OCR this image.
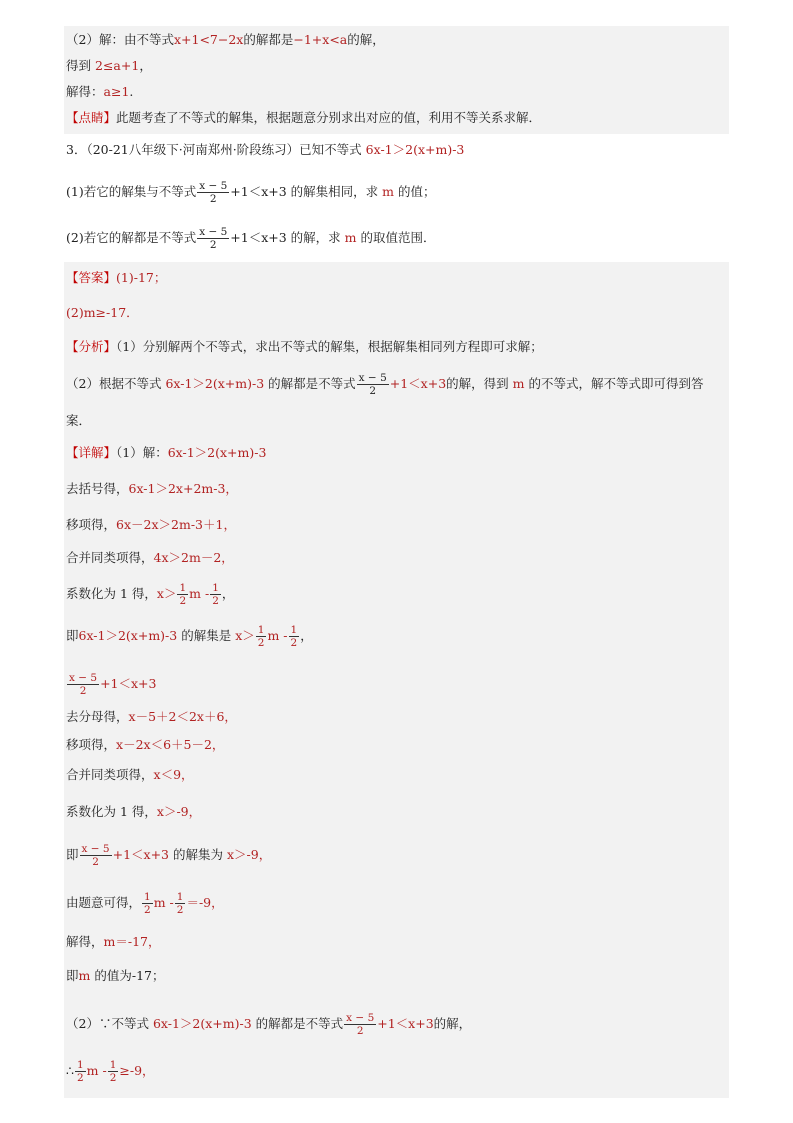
（2）解：由不等式x+1<7−2x的解都是−1+x<a的解，
得到 2≤a+1，
解得：a≥1.
【点睛】此题考查了不等式的解集，根据题意分别求出对应的值，利用不等关系求解．
3．（20-21八年级下·河南郑州·阶段练习）已知不等式 6x-1＞2(x+m)-3
(1)若它的解集与不等式 $\frac{x - 5}{2} +1<x+3$ 的解集相同，求 m 的值；
(2)若它的解都是不等式 $\frac{x - 5}{2} +1<x+3$ 的解，求 m 的取值范围．
【答案】(1)-17；
(2)m≥-17．
【分析】（1）分别解两个不等式，求出不等式的解集，根据解集相同列方程即可求解；
（2）根据不等式 6x-1＞2(x+m)-3 的解都是不等式 $\frac{x - 5}{2} +1<x+3$的解，得到 m 的不等式，解不等式即可得到答
案．
【详解】（1）解：6x-1＞2(x+m)-3
去括号得，6x-1＞2x+2m-3，
移项得，6x－2x＞2m-3＋1，
合并同类项得，4x＞2m－2，
系数化为 1 得，$x> \frac{1}{2}$ m - $\frac{1}{2}$ ，
即6x-1＞2(x+m)-3 的解集是 $x> \frac{1}{2}$ m - $\frac{1}{2}$ ，
$\frac{x - 5}{2} +1<x+3$
去分母得，x－5＋2＜2x＋6，
移项得，x－2x＜6＋5－2，
合并同类项得，x＜9，
系数化为 1 得，x＞-9，
即 $\frac{x - 5}{2} +1<x+3$ 的解集为 x＞-9，
由题意可得， $\frac{1}{2}$ $m - \frac{1}{2} =-9$，
解得，m＝-17，
即m 的值为-17；
（2）∵不等式 6x-1＞2(x+m)-3 的解都是不等式 $\frac{x - 5}{2} +1<x+3$的解，
∴ $\frac{1}{2}$ $m - \frac{1}{2} \ge-9$，
